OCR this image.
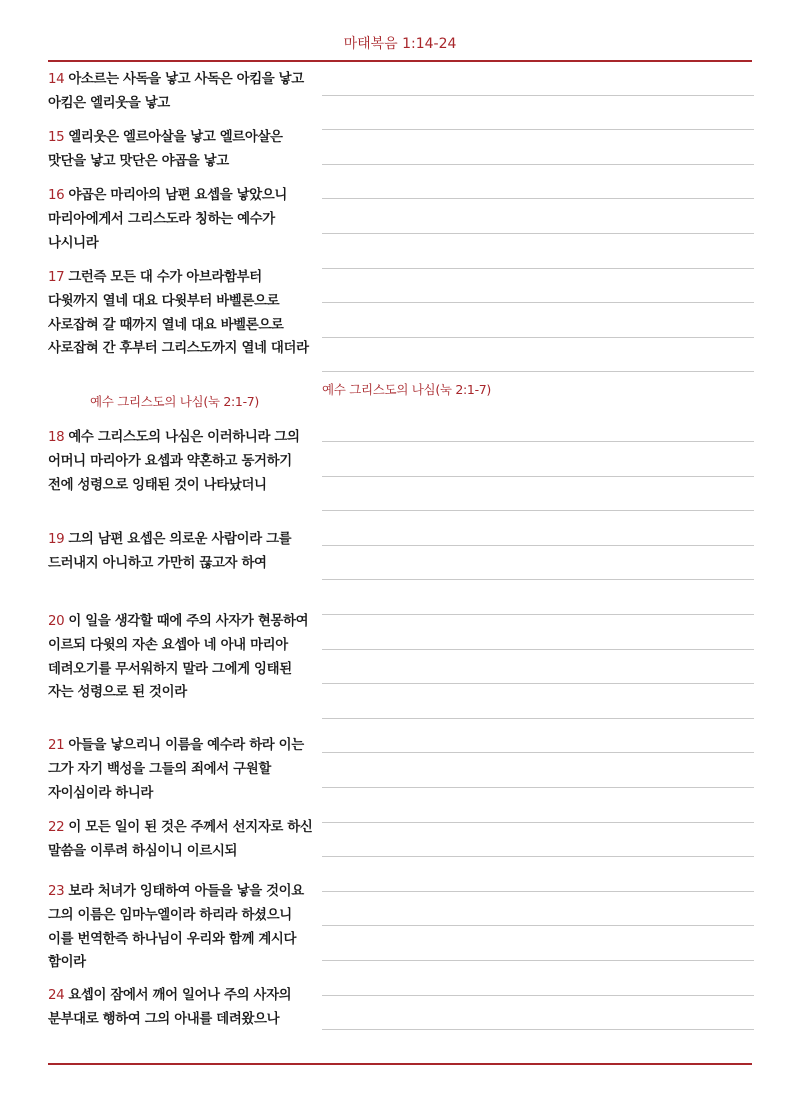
마태복음 1:14-24
14 아소르는 사독을 낳고 사독은 아킴을 낳고 아킴은 엘리웃을 낳고
15 엘리웃은 엘르아살을 낳고 엘르아살은 맛단을 낳고 맛단은 야곱을 낳고
16 야곱은 마리아의 남편 요셉을 낳았으니 마리아에게서 그리스도라 칭하는 예수가 나시니라
17 그런즉 모든 대 수가 아브라함부터 다윗까지 열네 대요 다윗부터 바벨론으로 사로잡혀 갈 때까지 열네 대요 바벨론으로 사로잡혀 간 후부터 그리스도까지 열네 대더라
예수 그리스도의 나심(눅 2:1-7)
18 예수 그리스도의 나심은 이러하니라 그의 어머니 마리아가 요셉과 약혼하고 동거하기 전에 성령으로 잉태된 것이 나타났더니
19 그의 남편 요셉은 의로운 사람이라 그를 드러내지 아니하고 가만히 끊고자 하여
20 이 일을 생각할 때에 주의 사자가 현몽하여 이르되 다윗의 자손 요셉아 네 아내 마리아 데려오기를 무서워하지 말라 그에게 잉태된 자는 성령으로 된 것이라
21 아들을 낳으리니 이름을 예수라 하라 이는 그가 자기 백성을 그들의 죄에서 구원할 자이심이라 하니라
22 이 모든 일이 된 것은 주께서 선지자로 하신 말씀을 이루려 하심이니 이르시되
23 보라 처녀가 잉태하여 아들을 낳을 것이요 그의 이름은 임마누엘이라 하리라 하셨으니 이를 번역한즉 하나님이 우리와 함께 계시다 함이라
24 요셉이 잠에서 깨어 일어나 주의 사자의 분부대로 행하여 그의 아내를 데려왔으나
예수 그리스도의 나심(눅 2:1-7)
